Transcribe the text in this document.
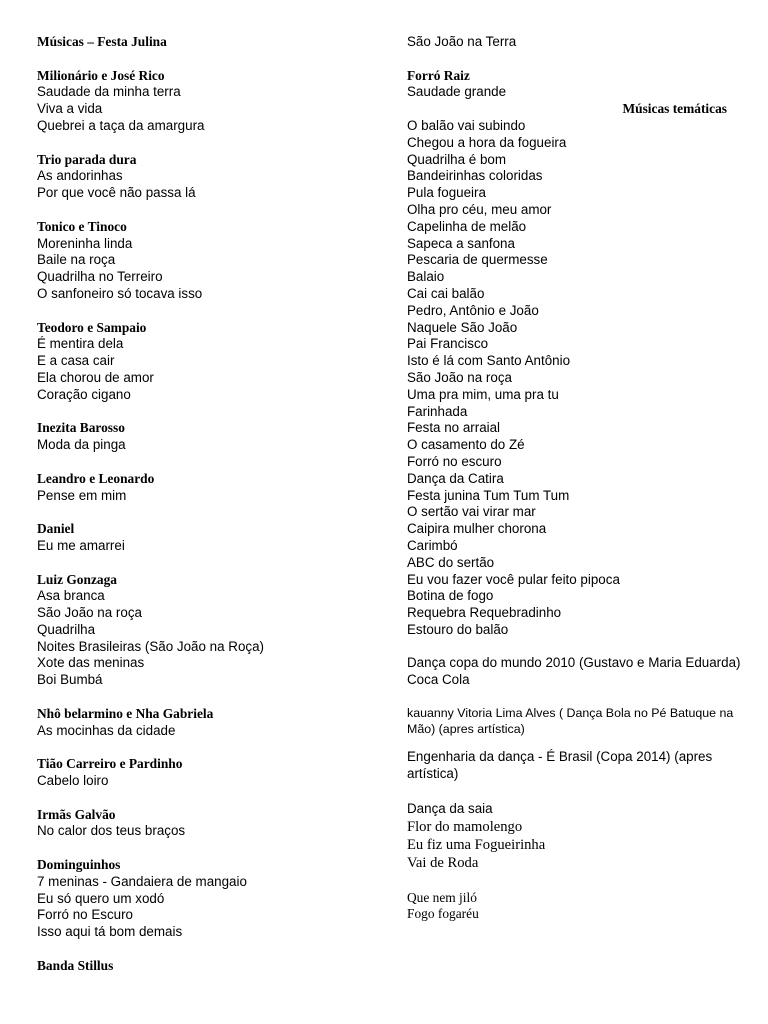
Músicas – Festa Julina
Milionário e José Rico
Saudade da minha terra
Viva a vida
Quebrei a taça da amargura
Trio parada dura
As andorinhas
Por que você não passa lá
Tonico e Tinoco
Moreninha linda
Baile na roça
Quadrilha no Terreiro
O sanfoneiro só tocava isso
Teodoro e Sampaio
É mentira dela
E a casa cair
Ela chorou de amor
Coração cigano
Inezita Barosso
Moda da pinga
Leandro e Leonardo
Pense em mim
Daniel
Eu me amarrei
Luiz Gonzaga
Asa branca
São João na roça
Quadrilha
Noites Brasileiras (São João na Roça)
Xote das meninas
Boi Bumbá
Nhô belarmino e Nha Gabriela
As mocinhas da cidade
Tião Carreiro e Pardinho
Cabelo loiro
Irmãs Galvão
No calor dos teus braços
Dominguinhos
7 meninas - Gandaiera de mangaio
Eu só quero um xodó
Forró no Escuro
Isso aqui tá bom demais
Banda Stillus
São João na Terra
Forró Raiz
Saudade grande
Músicas temáticas
O balão vai subindo
Chegou a hora da fogueira
Quadrilha é bom
Bandeirinhas coloridas
Pula fogueira
Olha pro céu, meu amor
Capelinha de melão
Sapeca a sanfona
Pescaria de quermesse
Balaio
Cai cai balão
Pedro, Antônio e João
Naquele São João
Pai Francisco
Isto é lá com Santo Antônio
São João na roça
Uma pra mim, uma pra tu
Farinhada
Festa no arraial
O casamento do Zé
Forró no escuro
Dança da Catira
Festa junina Tum Tum Tum
O sertão vai virar mar
Caipira mulher chorona
Carimbó
ABC do sertão
Eu vou fazer você pular feito pipoca
Botina de fogo
Requebra Requebradinho
Estouro do balão
Dança copa do mundo 2010 (Gustavo e Maria Eduarda) Coca Cola
kauanny Vitoria Lima Alves ( Dança Bola no Pé Batuque na Mão) (apres artística)
Engenharia da dança - É Brasil (Copa 2014) (apres artística)
Dança da saia
Flor do mamolengo
Eu fiz uma Fogueirinha
Vai de Roda
Que nem jiló
Fogo fogaréu
